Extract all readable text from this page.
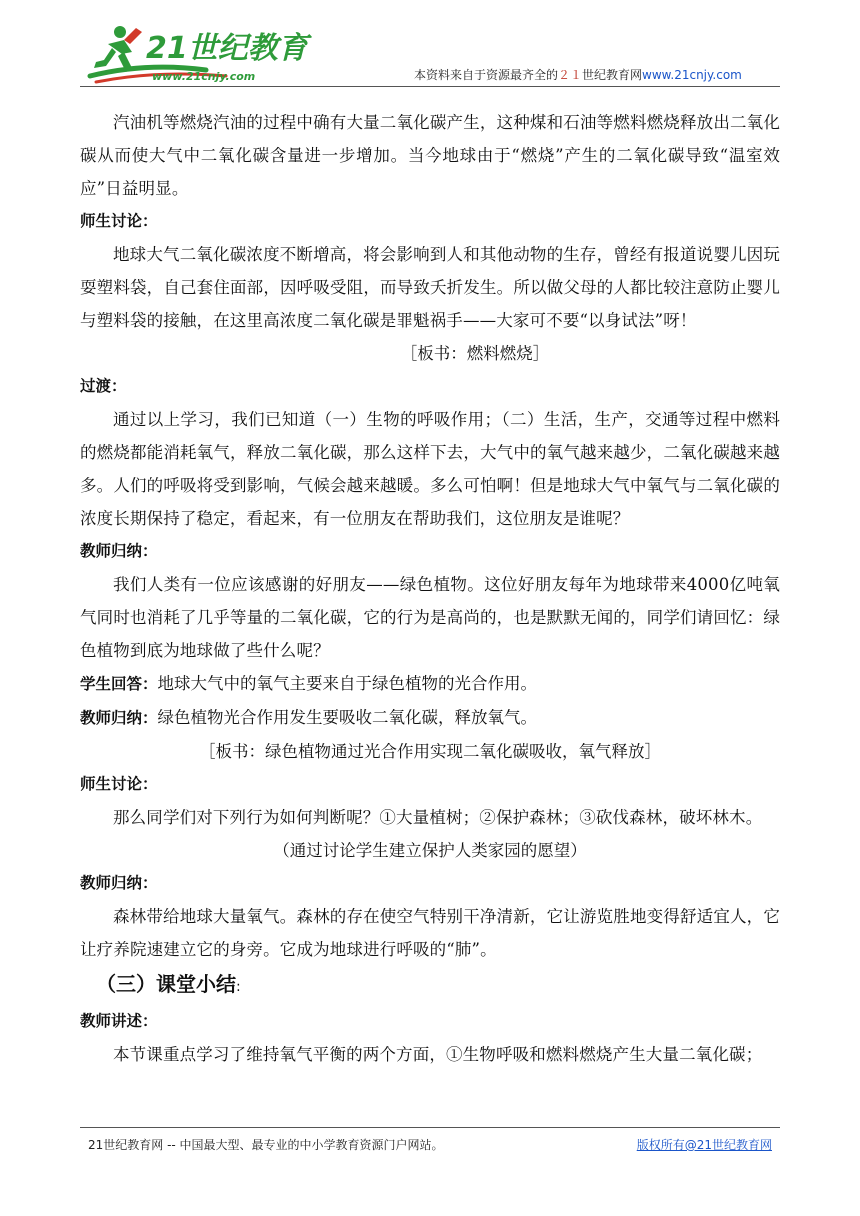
21世纪教育
www.21cnjy.com	本资料来自于资源最齐全的２１世纪教育网www.21cnjy.com

汽油机等燃烧汽油的过程中确有大量二氧化碳产生，这种煤和石油等燃料燃烧释放出二氧化碳从而使大气中二氧化碳含量进一步增加。当今地球由于“燃烧”产生的二氧化碳导致“温室效应”日益明显。

师生讨论：

地球大气二氧化碳浓度不断增高，将会影响到人和其他动物的生存，曾经有报道说婴儿因玩耍塑料袋，自己套住面部，因呼吸受阻，而导致夭折发生。所以做父母的人都比较注意防止婴儿与塑料袋的接触，在这里高浓度二氧化碳是罪魁祸手——大家可不要“以身试法”呀！

［板书：燃料燃烧］

过渡：

通过以上学习，我们已知道（一）生物的呼吸作用；（二）生活，生产，交通等过程中燃料的燃烧都能消耗氧气，释放二氧化碳，那么这样下去，大气中的氧气越来越少，二氧化碳越来越多。人们的呼吸将受到影响，气候会越来越暖。多么可怕啊！但是地球大气中氧气与二氧化碳的浓度长期保持了稳定，看起来，有一位朋友在帮助我们，这位朋友是谁呢？

教师归纳：

我们人类有一位应该感谢的好朋友——绿色植物。这位好朋友每年为地球带来4000亿吨氧气同时也消耗了几乎等量的二氧化碳，它的行为是高尚的，也是默默无闻的，同学们请回忆：绿色植物到底为地球做了些什么呢？

学生回答：地球大气中的氧气主要来自于绿色植物的光合作用。

教师归纳：绿色植物光合作用发生要吸收二氧化碳，释放氧气。

［板书：绿色植物通过光合作用实现二氧化碳吸收，氧气释放］

师生讨论：

那么同学们对下列行为如何判断呢？①大量植树；②保护森林；③砍伐森林，破坏林木。

（通过讨论学生建立保护人类家园的愿望）

教师归纳：

森林带给地球大量氧气。森林的存在使空气特别干净清新，它让游览胜地变得舒适宜人，它让疗养院速建立它的身旁。它成为地球进行呼吸的“肺”。

（三）课堂小结:

教师讲述：

本节课重点学习了维持氧气平衡的两个方面，①生物呼吸和燃料燃烧产生大量二氧化碳；

21世纪教育网 -- 中国最大型、最专业的中小学教育资源门户网站。	版权所有@21世纪教育网
